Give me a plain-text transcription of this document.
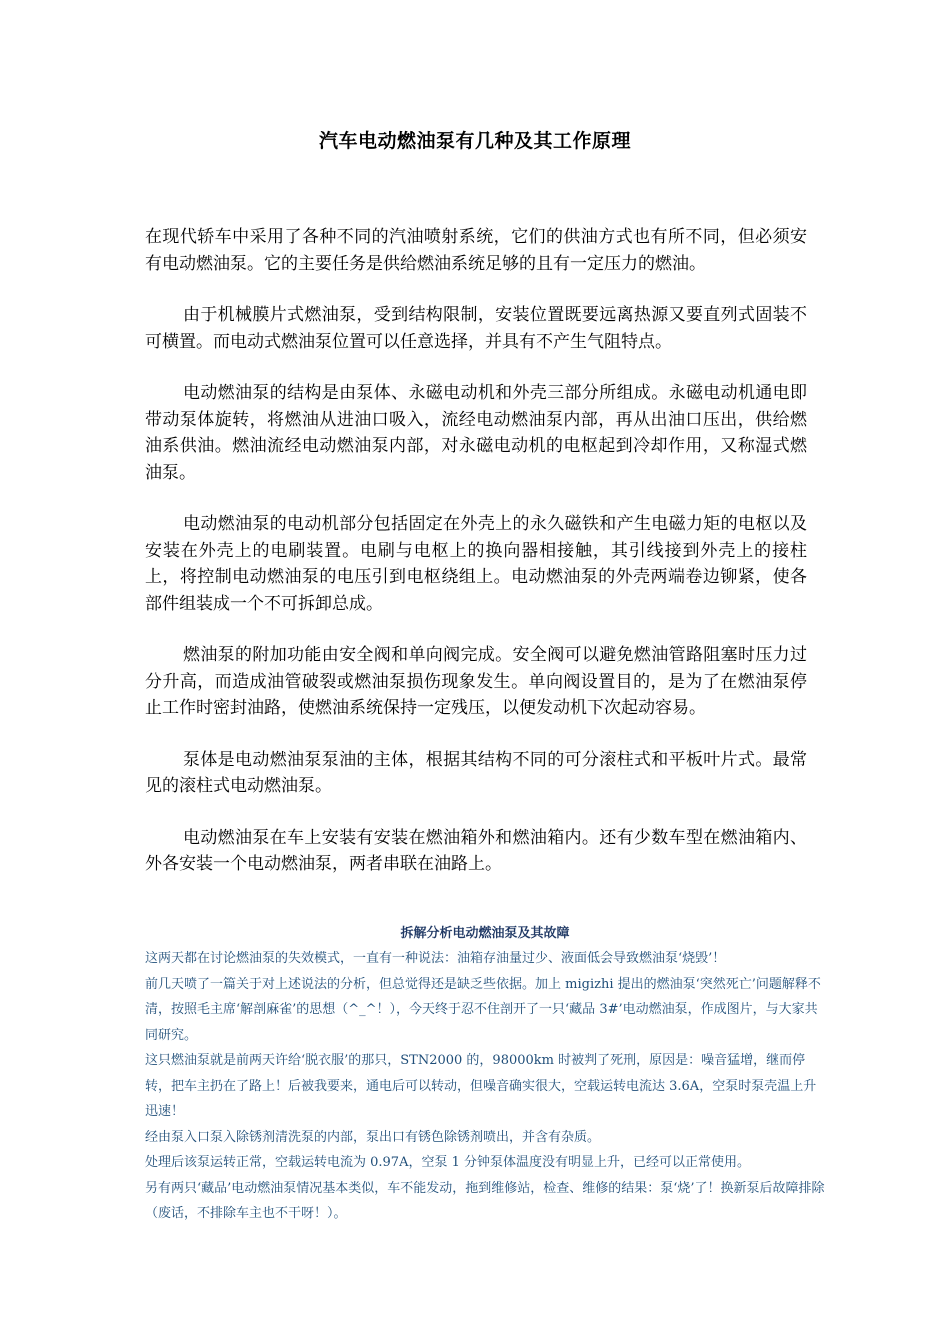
汽车电动燃油泵有几种及其工作原理

在现代轿车中采用了各种不同的汽油喷射系统，它们的供油方式也有所不同，但必须安有电动燃油泵。它的主要任务是供给燃油系统足够的且有一定压力的燃油。

由于机械膜片式燃油泵，受到结构限制，安装位置既要远离热源又要直列式固装不可横置。而电动式燃油泵位置可以任意选择，并具有不产生气阻特点。

电动燃油泵的结构是由泵体、永磁电动机和外壳三部分所组成。永磁电动机通电即带动泵体旋转，将燃油从进油口吸入，流经电动燃油泵内部，再从出油口压出，供给燃油系供油。燃油流经电动燃油泵内部，对永磁电动机的电枢起到冷却作用，又称湿式燃油泵。

电动燃油泵的电动机部分包括固定在外壳上的永久磁铁和产生电磁力矩的电枢以及安装在外壳上的电刷装置。电刷与电枢上的换向器相接触，其引线接到外壳上的接柱上，将控制电动燃油泵的电压引到电枢绕组上。电动燃油泵的外壳两端卷边铆紧，使各部件组装成一个不可拆卸总成。

燃油泵的附加功能由安全阀和单向阀完成。安全阀可以避免燃油管路阻塞时压力过分升高，而造成油管破裂或燃油泵损伤现象发生。单向阀设置目的，是为了在燃油泵停止工作时密封油路，使燃油系统保持一定残压，以便发动机下次起动容易。

泵体是电动燃油泵泵油的主体，根据其结构不同的可分滚柱式和平板叶片式。最常见的滚柱式电动燃油泵。

电动燃油泵在车上安装有安装在燃油箱外和燃油箱内。还有少数车型在燃油箱内、外各安装一个电动燃油泵，两者串联在油路上。

拆解分析电动燃油泵及其故障

这两天都在讨论燃油泵的失效模式，一直有一种说法：油箱存油量过少、液面低会导致燃油泵‘烧毁’！

前几天喷了一篇关于对上述说法的分析，但总觉得还是缺乏些依据。加上 migizhi 提出的燃油泵‘突然死亡’问题解释不清，按照毛主席‘解剖麻雀’的思想（^_^！），今天终于忍不住剖开了一只‘藏品 3#’电动燃油泵，作成图片，与大家共同研究。

这只燃油泵就是前两天许给‘脱衣服’的那只，STN2000 的，98000km 时被判了死刑，原因是：噪音猛增，继而停转，把车主扔在了路上！后被我要来，通电后可以转动，但噪音确实很大，空载运转电流达 3.6A，空泵时泵壳温上升迅速！

经由泵入口泵入除锈剂清洗泵的内部，泵出口有锈色除锈剂喷出，并含有杂质。

处理后该泵运转正常，空载运转电流为 0.97A，空泵 1 分钟泵体温度没有明显上升，已经可以正常使用。

另有两只‘藏品’电动燃油泵情况基本类似，车不能发动，拖到维修站，检查、维修的结果：泵‘烧’了！换新泵后故障排除（废话，不排除车主也不干呀！）。
